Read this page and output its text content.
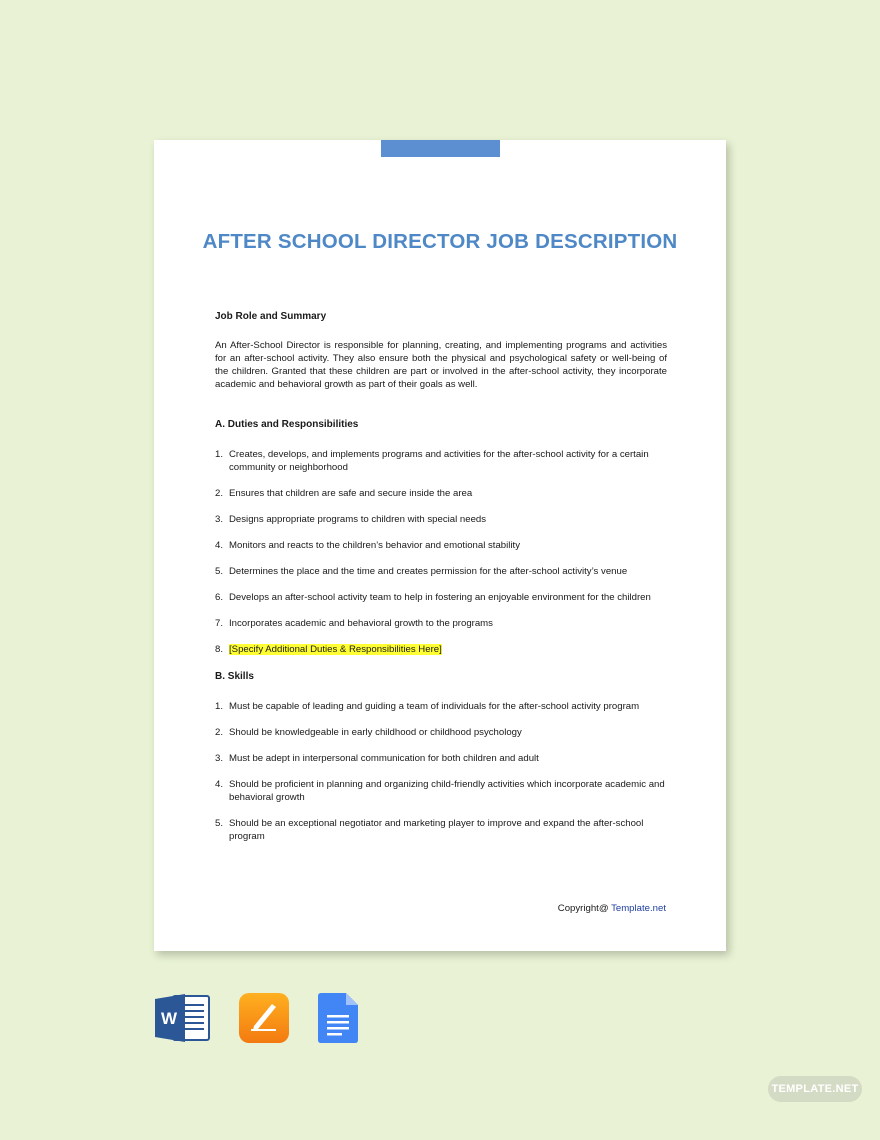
AFTER SCHOOL DIRECTOR JOB DESCRIPTION

Job Role and Summary

An After-School Director is responsible for planning, creating, and implementing programs and activities for an after-school activity. They also ensure both the physical and psychological safety or well-being of the children. Granted that these children are part or involved in the after-school activity, they incorporate academic and behavioral growth as part of their goals as well.

A. Duties and Responsibilities

1. Creates, develops, and implements programs and activities for the after-school activity for a certain community or neighborhood
2. Ensures that children are safe and secure inside the area
3. Designs appropriate programs to children with special needs
4. Monitors and reacts to the children’s behavior and emotional stability
5. Determines the place and the time and creates permission for the after-school activity’s venue
6. Develops an after-school activity team to help in fostering an enjoyable environment for the children
7. Incorporates academic and behavioral growth to the programs
8. [Specify Additional Duties & Responsibilities Here]

B. Skills

1. Must be capable of leading and guiding a team of individuals for the after-school activity program
2. Should be knowledgeable in early childhood or childhood psychology
3. Must be adept in interpersonal communication for both children and adult
4. Should be proficient in planning and organizing child-friendly activities which incorporate academic and behavioral growth
5. Should be an exceptional negotiator and marketing player to improve and expand the after-school program
Copyright@ Template.net
W
TEMPLATE.NET
